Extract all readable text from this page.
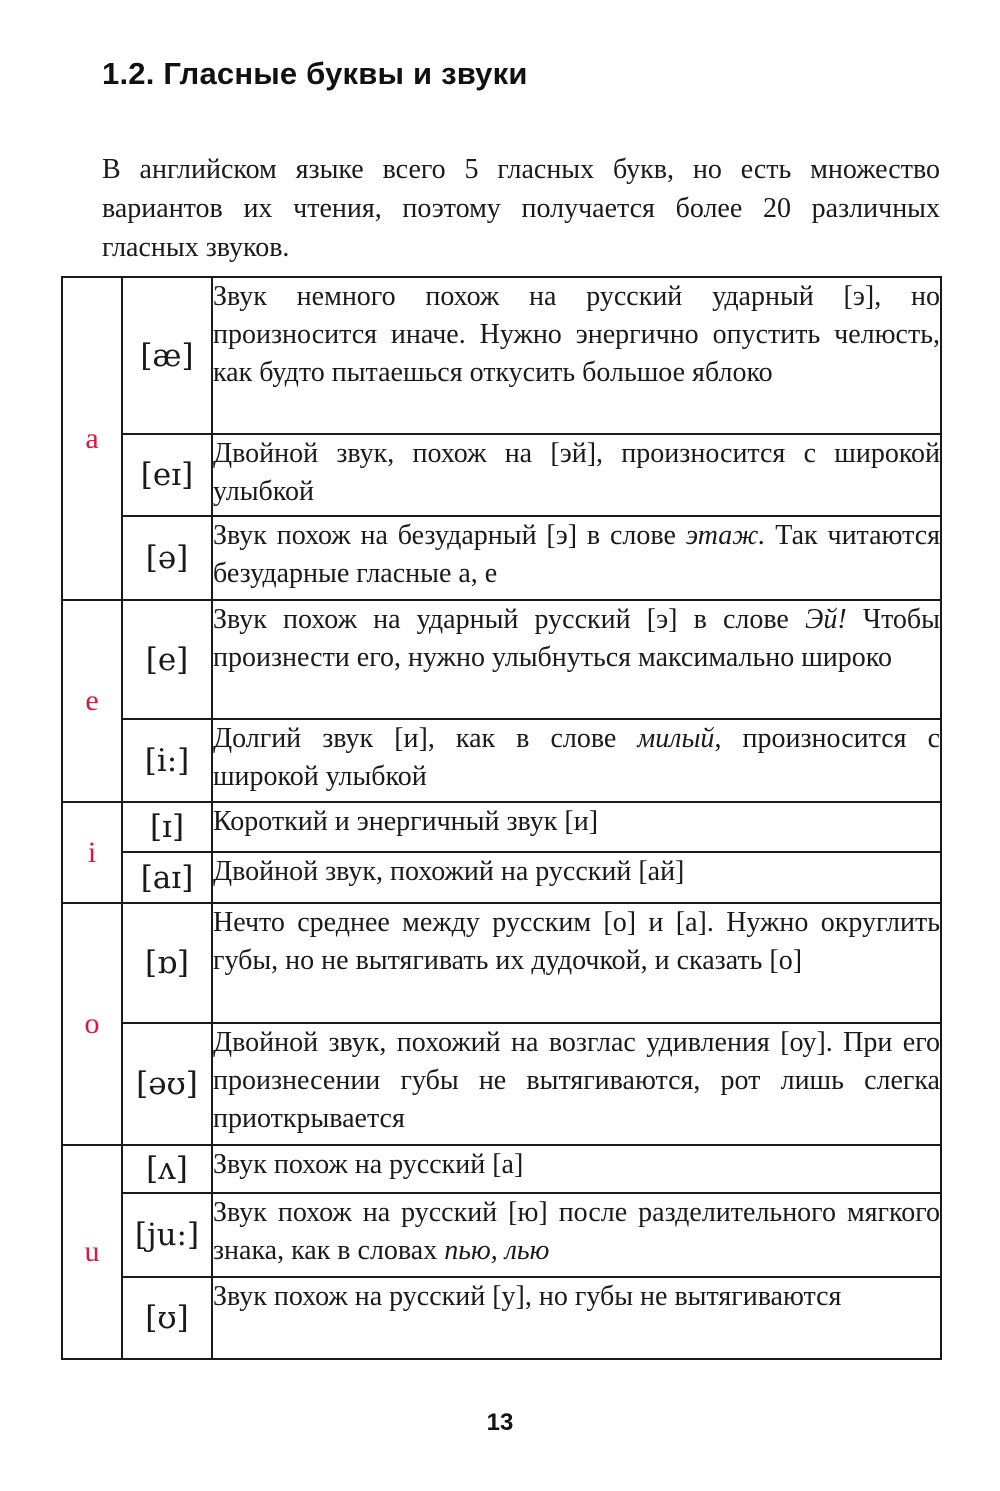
1.2. Гласные буквы и звуки

В английском языке всего 5 гласных букв, но есть множество вариантов их чтения, поэтому получается более 20 различных гласных звуков.

a	[æ]	Звук немного похож на русский ударный [э], но произносится иначе. Нужно энергично опустить челюсть, как будто пытаешься откусить большое яблоко
	[eɪ]	Двойной звук, похож на [эй], произносится с широкой улыбкой
	[ə]	Звук похож на безударный [э] в слове этаж. Так читаются безударные гласные а, е
e	[e]	Звук похож на ударный русский [э] в слове Эй! Чтобы произнести его, нужно улыбнуться максимально широко
	[i:]	Долгий звук [и], как в слове милый, произносится с широкой улыбкой
i	[ɪ]	Короткий и энергичный звук [и]
	[aɪ]	Двойной звук, похожий на русский [ай]
o	[ɒ]	Нечто среднее между русским [о] и [а]. Нужно округлить губы, но не вытягивать их дудочкой, и сказать [о]
	[əʊ]	Двойной звук, похожий на возглас удивления [оу]. При его произнесении губы не вытягиваются, рот лишь слегка приоткрывается
u	[ʌ]	Звук похож на русский [а]
	[ju:]	Звук похож на русский [ю] после разделительного мягкого знака, как в словах пью, лью
	[ʊ]	Звук похож на русский [у], но губы не вытягиваются
13
